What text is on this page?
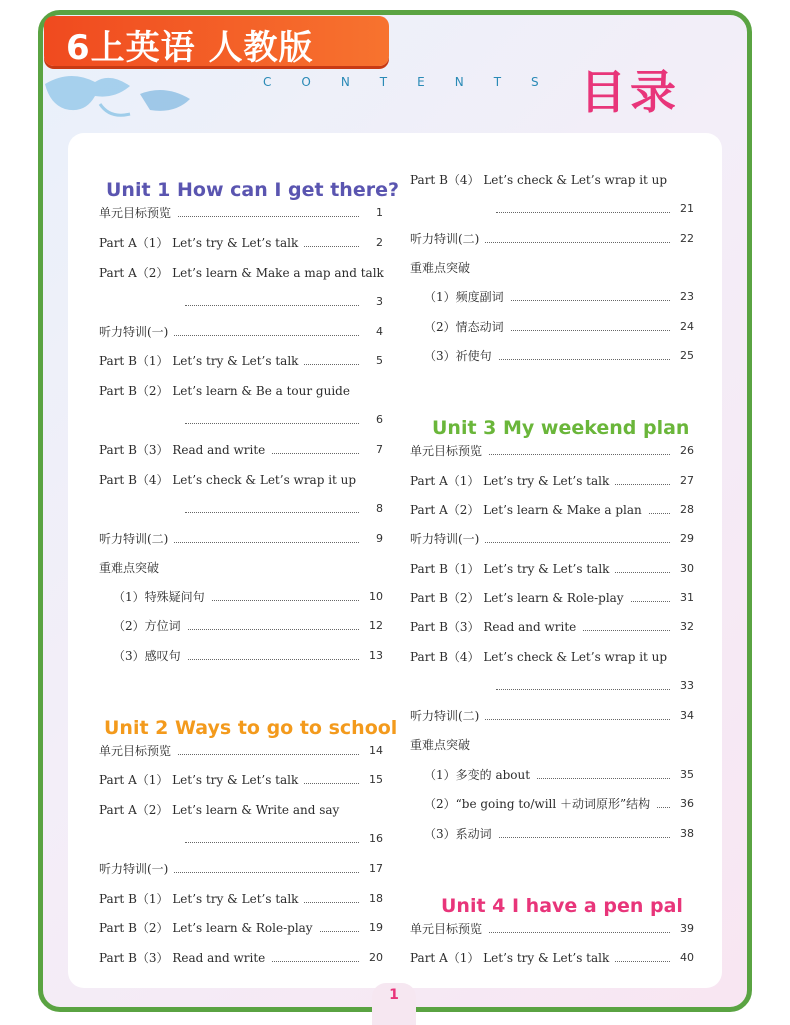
6上英语 人教版
CONTENTS 目录
Unit 1 How can I get there?
Unit 2 Ways to go to school
Unit 3 My weekend plan
Unit 4 I have a pen pal
单元目标预览	1
Part A（1） Let’s try & Let’s talk	2
Part A（2） Let’s learn & Make a map and talk
3
听力特训(一)	4
Part B（1） Let’s try & Let’s talk	5
Part B（2） Let’s learn & Be a tour guide
6
Part B（3） Read and write	7
Part B（4） Let’s check & Let’s wrap it up
8
听力特训(二)	9
重难点突破
（1）特殊疑问句	10
（2）方位词	12
（3）感叹句	13
单元目标预览	14
Part A（1） Let’s try & Let’s talk	15
Part A（2） Let’s learn & Write and say
16
听力特训(一)	17
Part B（1） Let’s try & Let’s talk	18
Part B（2） Let’s learn & Role-play	19
Part B（3） Read and write	20
Part B（4） Let’s check & Let’s wrap it up
21
听力特训(二)	22
重难点突破
（1）频度副词	23
（2）情态动词	24
（3）祈使句	25
单元目标预览	26
Part A（1） Let’s try & Let’s talk	27
Part A（2） Let’s learn & Make a plan	28
听力特训(一)	29
Part B（1） Let’s try & Let’s talk	30
Part B（2） Let’s learn & Role-play	31
Part B（3） Read and write	32
Part B（4） Let’s check & Let’s wrap it up
33
听力特训(二)	34
重难点突破
（1）多变的 about	35
（2）“be going to/will ＋动词原形”结构	36
（3）系动词	38
单元目标预览	39
Part A（1） Let’s try & Let’s talk	40
1
